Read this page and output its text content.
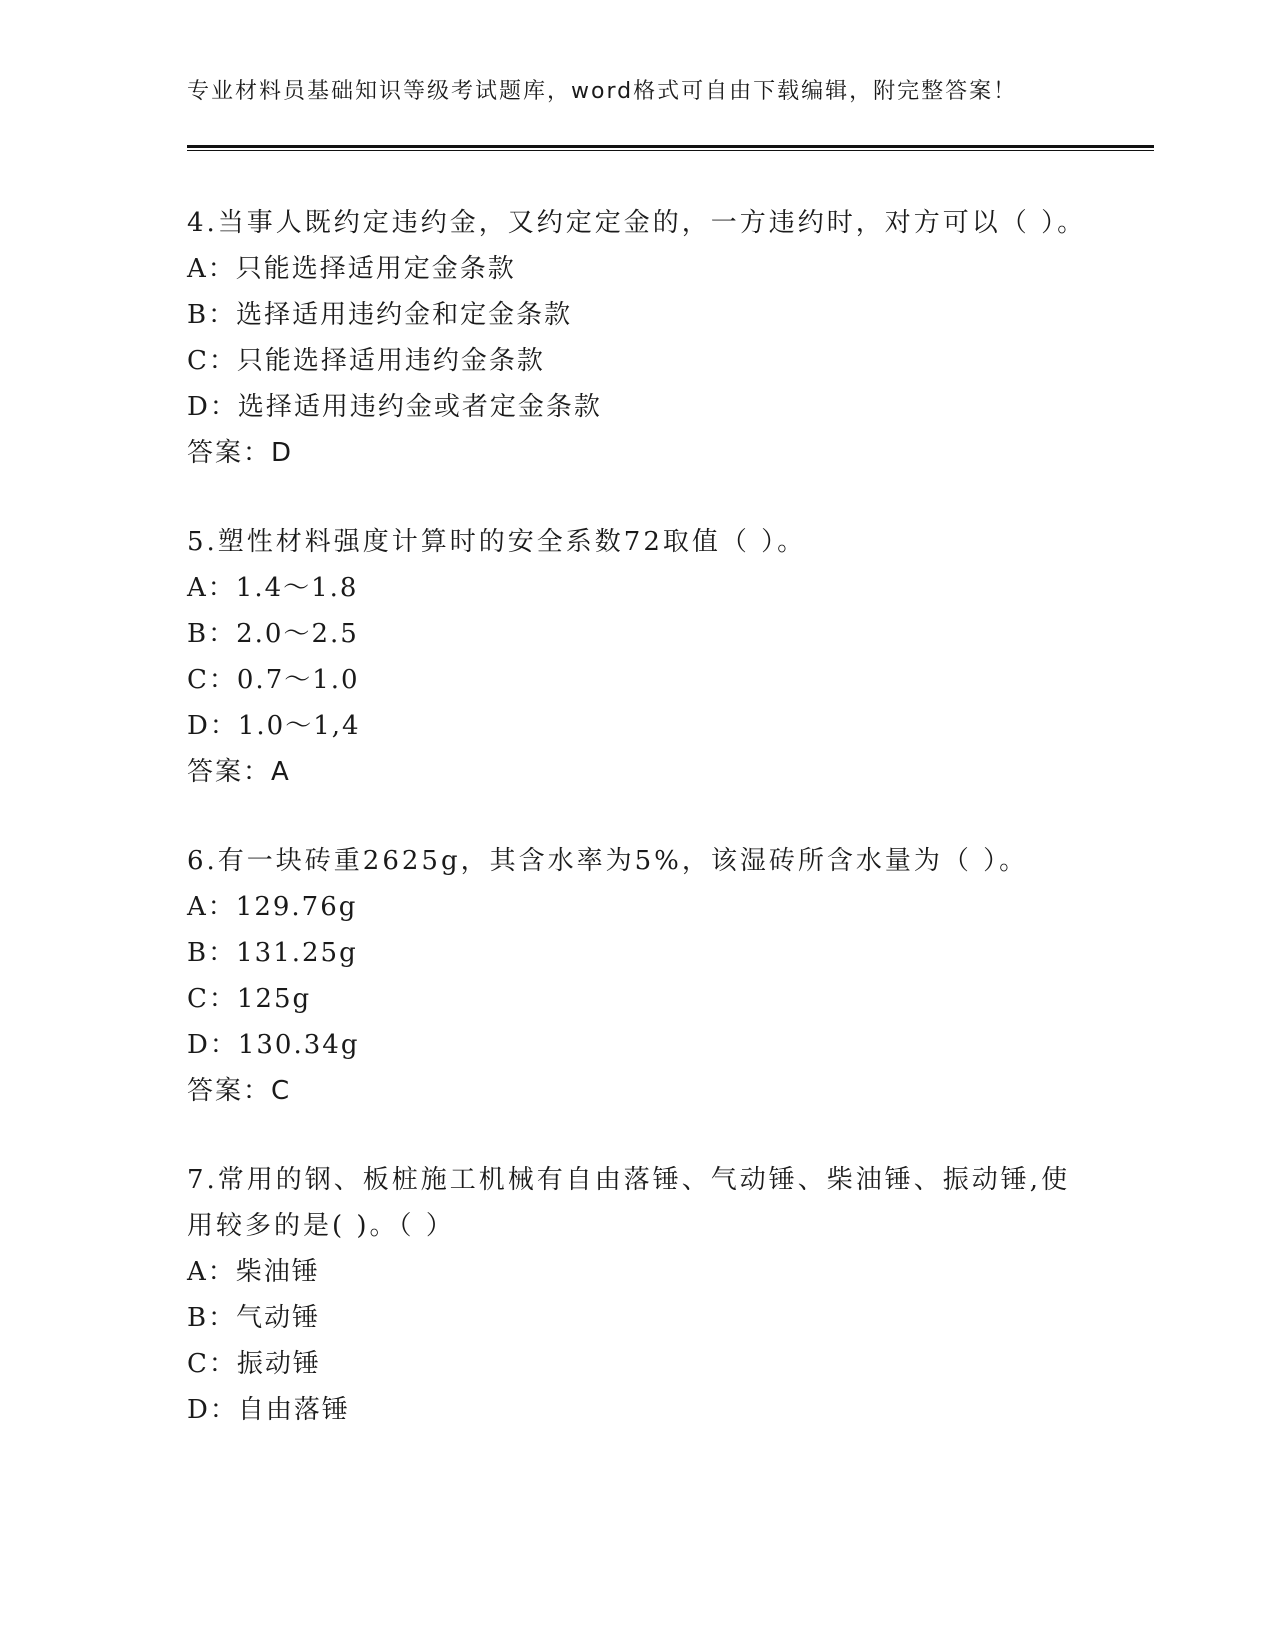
专业材料员基础知识等级考试题库，word格式可自由下载编辑，附完整答案！

4.当事人既约定违约金，又约定定金的，一方违约时，对方可以（ ）。

A：只能选择适用定金条款

B：选择适用违约金和定金条款

C：只能选择适用违约金条款

D：选择适用违约金或者定金条款

答案：D

5.塑性材料强度计算时的安全系数72取值（ ）。

A：1.4～1.8

B：2.0～2.5

C：0.7～1.0

D：1.0～1,4

答案：A

6.有一块砖重2625g，其含水率为5%，该湿砖所含水量为（ ）。

A：129.76g

B：131.25g

C：125g

D：130.34g

答案：C

7.常用的钢、板桩施工机械有自由落锤、气动锤、柴油锤、振动锤,使用较多的是( )。（ ）

A：柴油锤

B：气动锤

C：振动锤

D：自由落锤
